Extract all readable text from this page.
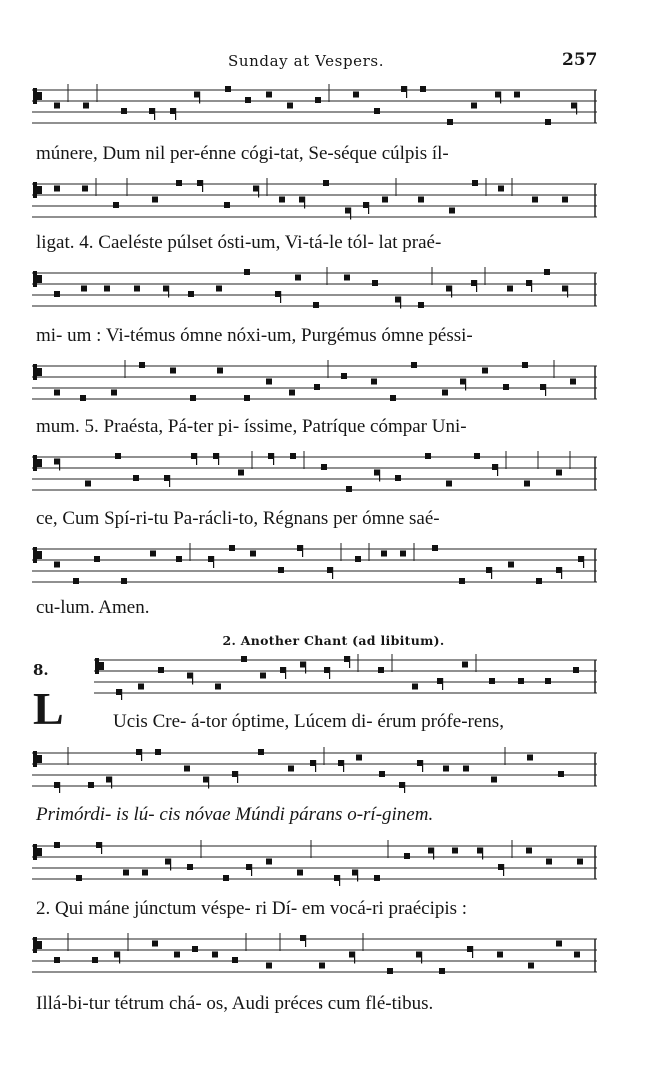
Sunday at Vespers.	257
múnere, Dum nil per-énne cógi-tat, Se-séque cúlpis íl-
ligat. 4. Caeléste púlset ósti-um, Vi-tá-le tól- lat praé-
mi- um : Vi-témus ómne nóxi-um, Purgémus ómne péssi-
mum. 5. Praésta, Pá-ter pi- íssime, Patríque cómpar Uni-
ce, Cum Spí-ri-tu Pa-rácli-to, Régnans per ómne saé-
cu-lum. Amen.
2. Another Chant (ad libitum).
8.
L	Ucis Cre- á-tor óptime, Lúcem di- érum prófe-rens,
Primórdi- is lú- cis nóvae Múndi párans o-rí-ginem.
2. Qui máne júnctum véspe- ri Dí- em vocá-ri praécipis :
Illá-bi-tur tétrum chá- os, Audi préces cum flé-tibus.
